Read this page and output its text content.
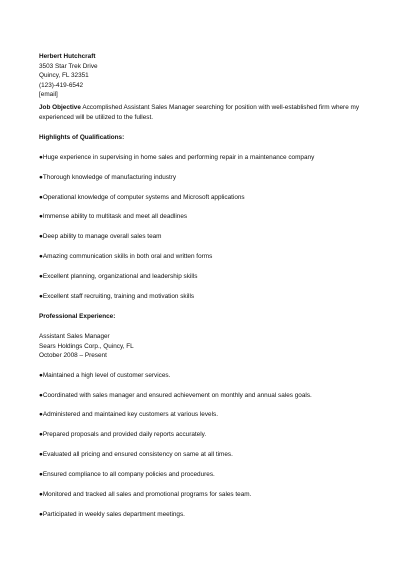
Herbert Hutchcraft
3503 Star Trek Drive
Quincy, FL 32351
(123)-419-6542
[email]
Job Objective Accomplished Assistant Sales Manager searching for position with well-established firm where my experienced will be utilized to the fullest.
Highlights of Qualifications:
●Huge experience in supervising in home sales and performing repair in a maintenance company
●Thorough knowledge of manufacturing industry
●Operational knowledge of computer systems and Microsoft applications
●Immense ability to multitask and meet all deadlines
●Deep ability to manage overall sales team
●Amazing communication skills in both oral and written forms
●Excellent planning, organizational and leadership skills
●Excellent staff recruiting, training and motivation skills
Professional Experience:
Assistant Sales Manager
Sears Holdings Corp., Quincy, FL
October 2008 – Present
●Maintained a high level of customer services.
●Coordinated with sales manager and ensured achievement on monthly and annual sales goals.
●Administered and maintained key customers at various levels.
●Prepared proposals and provided daily reports accurately.
●Evaluated all pricing and ensured consistency on same at all times.
●Ensured compliance to all company policies and procedures.
●Monitored and tracked all sales and promotional programs for sales team.
●Participated in weekly sales department meetings.
